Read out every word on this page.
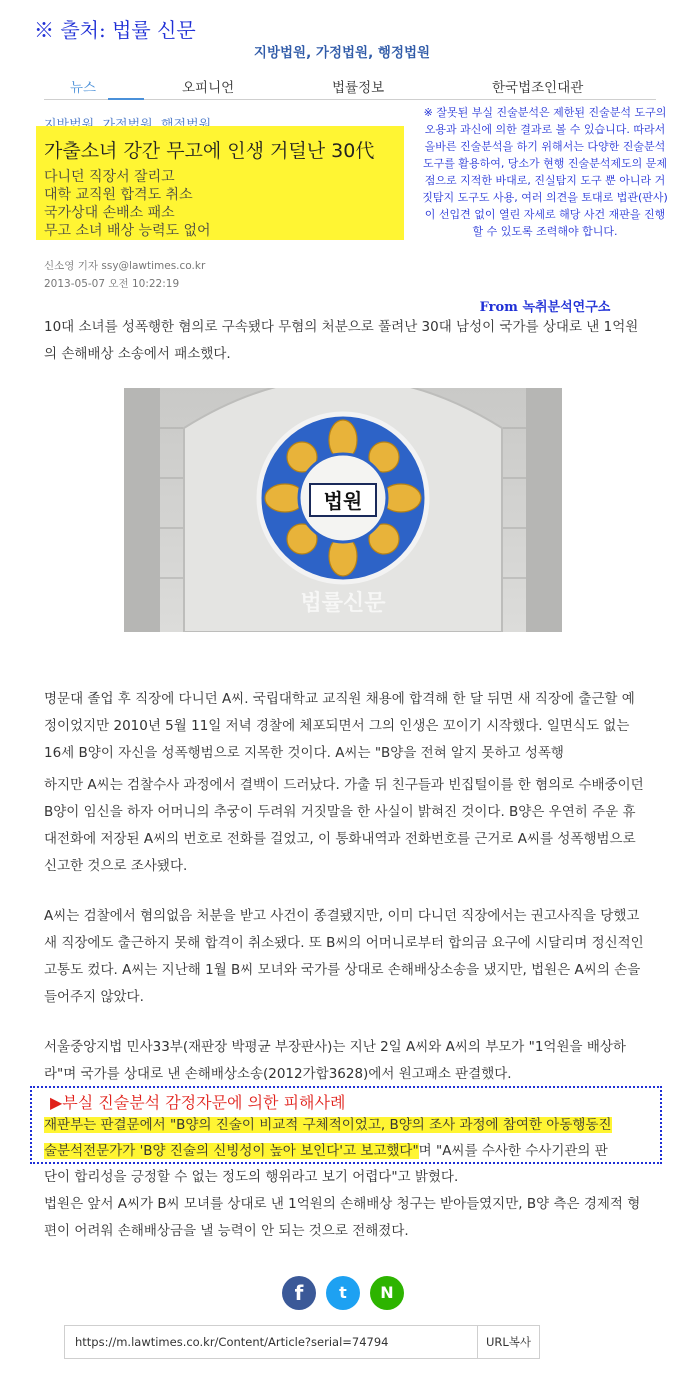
※ 출처: 법률 신문
지방법원, 가정법원, 행정법원
뉴스	오피니언	법률정보	한국법조인대관
가출소녀 강간 무고에 인생 거덜난 30代
다니던 직장서 잘리고
대학 교직원 합격도 취소
국가상대 손배소 패소
무고 소녀 배상 능력도 없어
신소영 기자 ssy@lawtimes.co.kr
2013-05-07 오전 10:22:19
※ 잘못된 부실 진술분석은 제한된 진술분석 도구의 오용과 과신에 의한 결과로 볼 수 있습니다. 따라서 올바른 진술분석을 하기 위해서는 다양한 진술분석 도구를 활용하여, 당소가 현행 진술분석제도의 문제점으로 지적한 바대로, 진실탐지 도구 뿐 아니라 거짓탐지 도구도 사용, 여러 의견을 토대로 법관(판사)이 선입견 없이 열린 자세로 해당 사건 재판을 진행할 수 있도록 조력해야 합니다.
From 녹취분석연구소
10대 소녀를 성폭행한 혐의로 구속됐다 무혐의 처분으로 풀려난 30대 남성이 국가를 상대로 낸 1억원의 손해배상 소송에서 패소했다.
법원
법률신문
명문대 졸업 후 직장에 다니던 A씨. 국립대학교 교직원 채용에 합격해 한 달 뒤면 새 직장에 출근할 예정이었지만 2010년 5월 11일 저녁 경찰에 체포되면서 그의 인생은 꼬이기 시작했다. 일면식도 없는 16세 B양이 자신을 성폭행범으로 지목한 것이다. A씨는 "B양을 전혀 알지 못하고 성폭행
하지만 A씨는 검찰수사 과정에서 결백이 드러났다. 가출 뒤 친구들과 빈집털이를 한 혐의로 수배중이던 B양이 임신을 하자 어머니의 추궁이 두려워 거짓말을 한 사실이 밝혀진 것이다. B양은 우연히 주운 휴대전화에 저장된 A씨의 번호로 전화를 걸었고, 이 통화내역과 전화번호를 근거로 A씨를 성폭행범으로 신고한 것으로 조사됐다.
A씨는 검찰에서 혐의없음 처분을 받고 사건이 종결됐지만, 이미 다니던 직장에서는 권고사직을 당했고 새 직장에도 출근하지 못해 합격이 취소됐다. 또 B씨의 어머니로부터 합의금 요구에 시달리며 정신적인 고통도 컸다. A씨는 지난해 1월 B씨 모녀와 국가를 상대로 손해배상소송을 냈지만, 법원은 A씨의 손을 들어주지 않았다.
서울중앙지법 민사33부(재판장 박평균 부장판사)는 지난 2일 A씨와 A씨의 부모가 "1억원을 배상하라"며 국가를 상대로 낸 손해배상소송(2012가합3628)에서 원고패소 판결했다.
▶부실 진술분석 감정자문에 의한 피해사례
재판부는 판결문에서 "B양의 진술이 비교적 구체적이었고, B양의 조사 과정에 참여한 아동행동진
술분석전문가가 'B양 진술의 신빙성이 높아 보인다'고 보고했다"며 "A씨를 수사한 수사기관의 판
단이 합리성을 긍정할 수 없는 정도의 행위라고 보기 어렵다"고 밝혔다.
법원은 앞서 A씨가 B씨 모녀를 상대로 낸 1억원의 손해배상 청구는 받아들였지만, B양 측은 경제적 형편이 어려워 손해배상금을 낼 능력이 안 되는 것으로 전해졌다.
f	t	N
https://m.lawtimes.co.kr/Content/Article?serial=74794	URL복사
